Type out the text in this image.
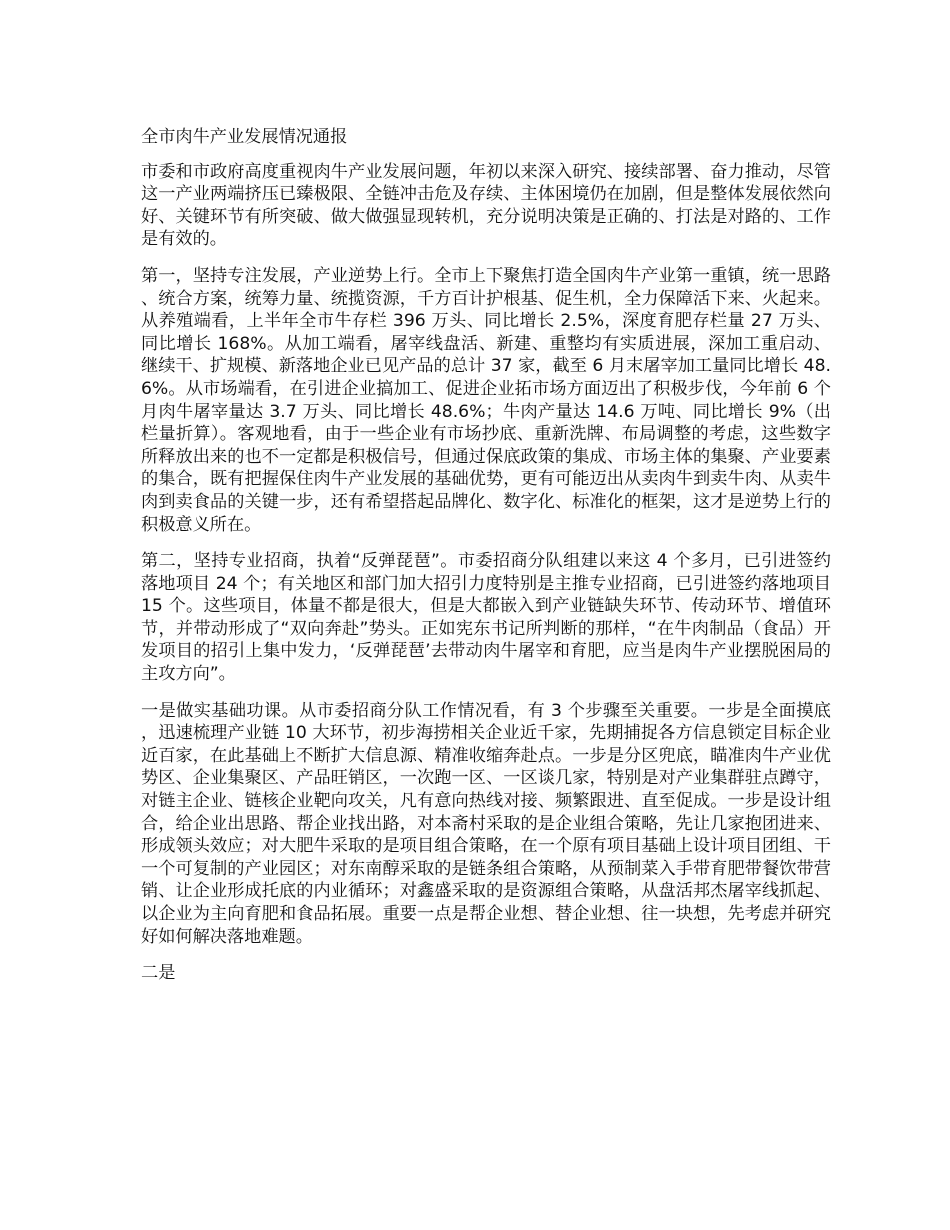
全市肉牛产业发展情况通报

市委和市政府高度重视肉牛产业发展问题，年初以来深入研究、接续部署、奋力推动，尽管这一产业两端挤压已臻极限、全链冲击危及存续、主体困境仍在加剧，但是整体发展依然向好、关键环节有所突破、做大做强显现转机，充分说明决策是正确的、打法是对路的、工作是有效的。

第一，坚持专注发展，产业逆势上行。全市上下聚焦打造全国肉牛产业第一重镇，统一思路、统合方案，统筹力量、统揽资源，千方百计护根基、促生机，全力保障活下来、火起来。从养殖端看，上半年全市牛存栏 396 万头、同比增长 2.5%，深度育肥存栏量 27 万头、同比增长 168%。从加工端看，屠宰线盘活、新建、重整均有实质进展，深加工重启动、继续干、扩规模、新落地企业已见产品的总计 37 家，截至 6 月末屠宰加工量同比增长 48.6%。从市场端看，在引进企业搞加工、促进企业拓市场方面迈出了积极步伐，今年前 6 个月肉牛屠宰量达 3.7 万头、同比增长 48.6%；牛肉产量达 14.6 万吨、同比增长 9%（出栏量折算）。客观地看，由于一些企业有市场抄底、重新洗牌、布局调整的考虑，这些数字所释放出来的也不一定都是积极信号，但通过保底政策的集成、市场主体的集聚、产业要素的集合，既有把握保住肉牛产业发展的基础优势，更有可能迈出从卖肉牛到卖牛肉、从卖牛肉到卖食品的关键一步，还有希望搭起品牌化、数字化、标准化的框架，这才是逆势上行的积极意义所在。

第二，坚持专业招商，执着“反弹琵琶”。市委招商分队组建以来这 4 个多月，已引进签约落地项目 24 个；有关地区和部门加大招引力度特别是主推专业招商，已引进签约落地项目 15 个。这些项目，体量不都是很大，但是大都嵌入到产业链缺失环节、传动环节、增值环节，并带动形成了“双向奔赴”势头。正如宪东书记所判断的那样，“在牛肉制品（食品）开发项目的招引上集中发力，‘反弹琵琶’去带动肉牛屠宰和育肥，应当是肉牛产业摆脱困局的主攻方向”。

一是做实基础功课。从市委招商分队工作情况看，有 3 个步骤至关重要。一步是全面摸底，迅速梳理产业链 10 大环节，初步海捞相关企业近千家，先期捕捉各方信息锁定目标企业近百家，在此基础上不断扩大信息源、精准收缩奔赴点。一步是分区兜底，瞄准肉牛产业优势区、企业集聚区、产品旺销区，一次跑一区、一区谈几家，特别是对产业集群驻点蹲守，对链主企业、链核企业靶向攻关，凡有意向热线对接、频繁跟进、直至促成。一步是设计组合，给企业出思路、帮企业找出路，对本斋村采取的是企业组合策略，先让几家抱团进来、形成领头效应；对大肥牛采取的是项目组合策略，在一个原有项目基础上设计项目团组、干一个可复制的产业园区；对东南醇采取的是链条组合策略，从预制菜入手带育肥带餐饮带营销、让企业形成托底的内业循环；对鑫盛采取的是资源组合策略，从盘活邦杰屠宰线抓起、以企业为主向育肥和食品拓展。重要一点是帮企业想、替企业想、往一块想，先考虑并研究好如何解决落地难题。

二是
